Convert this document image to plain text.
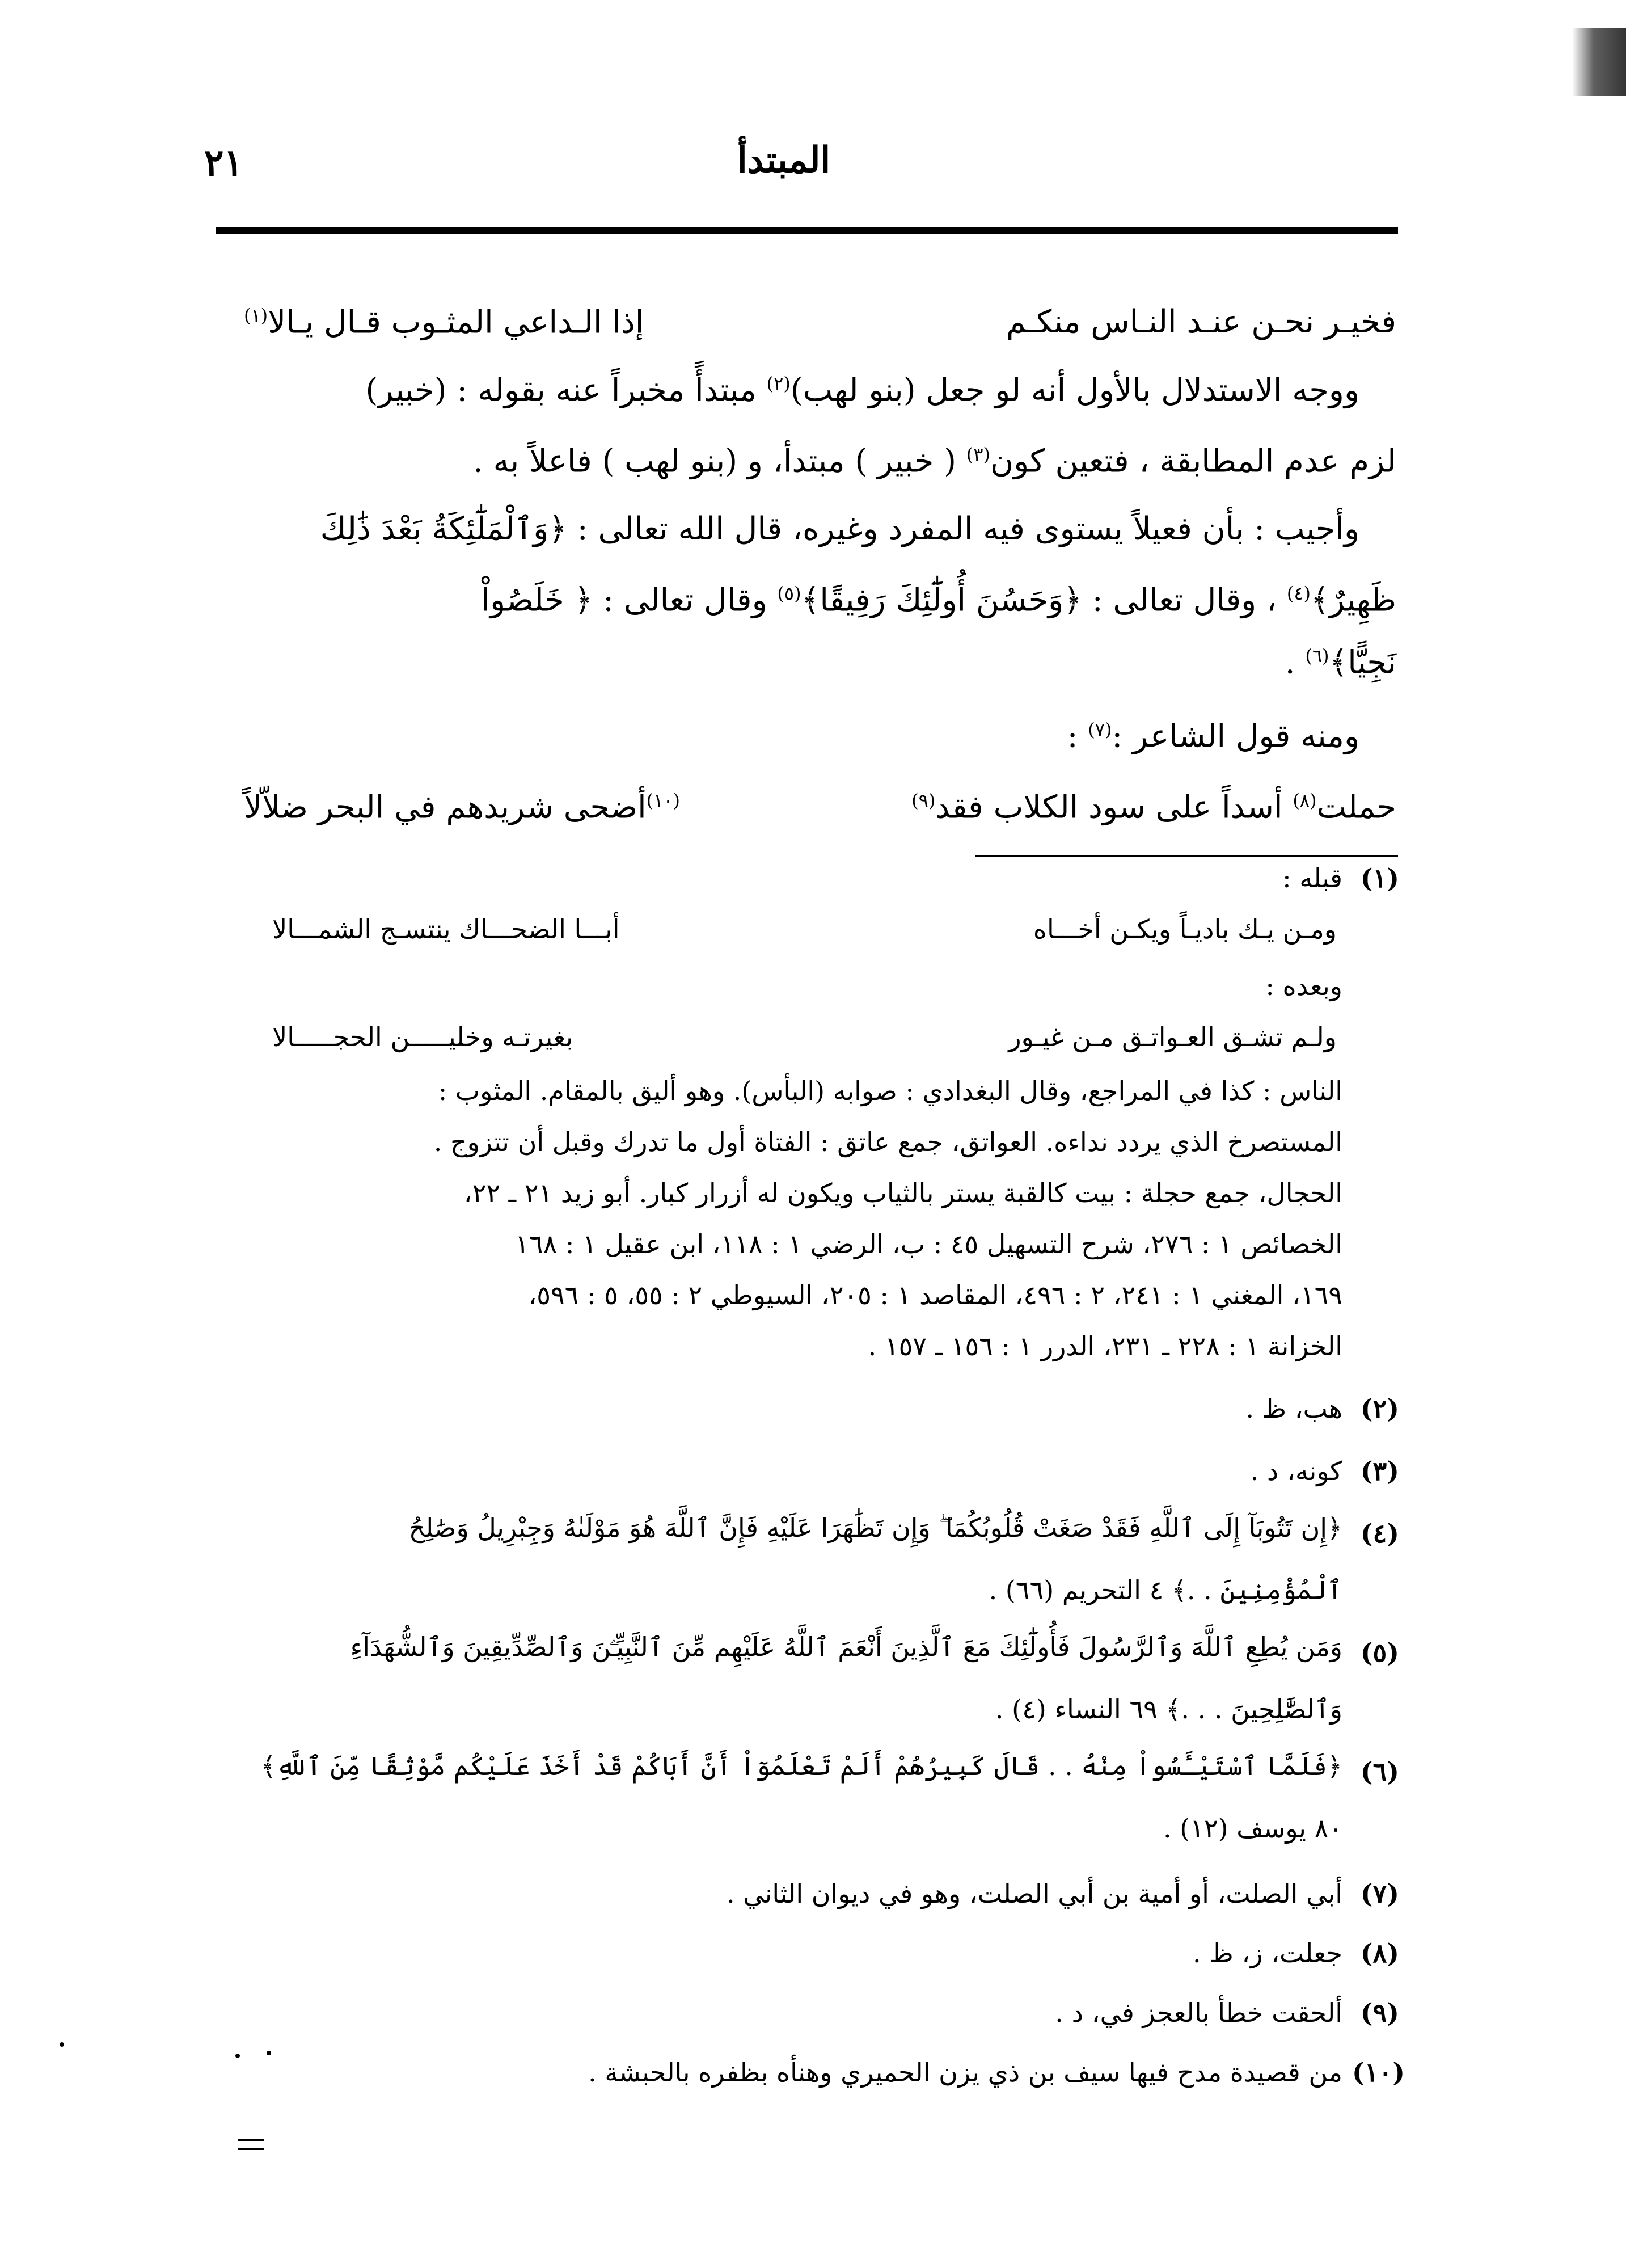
٢١	المبتدأ
فخيـر نحـن عنـد النـاس منكـم
إذا الـداعي المثـوب قـال يـالا$^{(١)}$
ووجه الاستدلال بالأول أنه لو جعل (بنو لهب)$^{(٢)}$ مبتدأً مخبراً عنه بقوله : (خبير)
لزم عدم المطابقة ، فتعين كون$^{(٣)}$ ( خبير ) مبتدأ، و (بنو لهب ) فاعلاً به .
وأجيب : بأن فعيلاً يستوى فيه المفرد وغيره، قال الله تعالى : ﴿وَٱلْمَلَٰٓئِكَةُ بَعْدَ ذَٰلِكَ
ظَهِيرٌ﴾$^{(٤)}$ ، وقال تعالى : ﴿وَحَسُنَ أُولَٰٓئِكَ رَفِيقًا﴾$^{(٥)}$ وقال تعالى : ﴿ خَلَصُواْ
نَجِيًّا﴾$^{(٦)}$ .
ومنه قول الشاعر :$^{(٧)}$ :
حملت$^{(٨)}$ أسداً على سود الكلاب فقد$^{(٩)}$
$^{(١٠)}$أضحى شريدهم في البحر ضلاّلاً
(١)
قبله :
ومـن يـك باديـاً ويكـن أخـــاه
أبـــا الضحـــاك ينتسـج الشمـــالا
وبعده :
ولـم تشـق العـواتـق مـن غيـور
بغيرتـه وخليـــــن الحجـــــالا
الناس : كذا في المراجع، وقال البغدادي : صوابه (البأس). وهو أليق بالمقام. المثوب :
المستصرخ الذي يردد نداءه. العواتق، جمع عاتق : الفتاة أول ما تدرك وقبل أن تتزوج .
الحجال، جمع حجلة : بيت كالقبة يستر بالثياب ويكون له أزرار كبار. أبو زيد ٢١ ـ ٢٢،
الخصائص ١ : ٢٧٦، شرح التسهيل ٤٥ : ب، الرضي ١ : ١١٨، ابن عقيل ١ : ١٦٨
١٦٩، المغني ١ : ٢٤١، ٢ : ٤٩٦، المقاصد ١ : ٢٠٥، السيوطي ٢ : ٥٥، ٥ : ٥٩٦،
الخزانة ١ : ٢٢٨ ـ ٢٣١، الدرر ١ : ١٥٦ ـ ١٥٧ .
(٢)
هب، ظ .
(٣)
كونه، د .
(٤)
﴿إِن تَتُوبَآ إِلَى ٱللَّهِ فَقَدْ صَغَتْ قُلُوبُكُمَا ۖ وَإِن تَظَٰهَرَا عَلَيْهِ فَإِنَّ ٱللَّهَ هُوَ مَوْلَىٰهُ وَجِبْرِيلُ وَصَٰلِحُ
ٱلْمُؤْمِنِينَ . .﴾ ٤ التحريم (٦٦) .
(٥)
وَمَن يُطِعِ ٱللَّهَ وَٱلرَّسُولَ فَأُولَٰٓئِكَ مَعَ ٱلَّذِينَ أَنْعَمَ ٱللَّهُ عَلَيْهِم مِّنَ ٱلنَّبِيِّـۧنَ وَٱلصِّدِّيقِينَ وَٱلشُّهَدَآءِ
وَٱلصَّٰلِحِينَ . . .﴾ ٦٩ النساء (٤) .
(٦)
﴿فَلَمَّا ٱسْتَيْـَٔسُواْ مِنْهُ . . قَالَ كَبِيرُهُمْ أَلَمْ تَعْلَمُوٓاْ أَنَّ أَبَاكُمْ قَدْ أَخَذَ عَلَيْكُم مَّوْثِقًا مِّنَ ٱللَّهِ﴾
٨٠ يوسف (١٢) .
(٧)
أبي الصلت، أو أمية بن أبي الصلت، وهو في ديوان الثاني .
(٨)
جعلت، ز، ظ .
(٩)
ألحقت خطأ بالعجز في، د .
(١٠)
من قصيدة مدح فيها سيف بن ذي يزن الحميري وهنأه بظفره بالحبشة .
